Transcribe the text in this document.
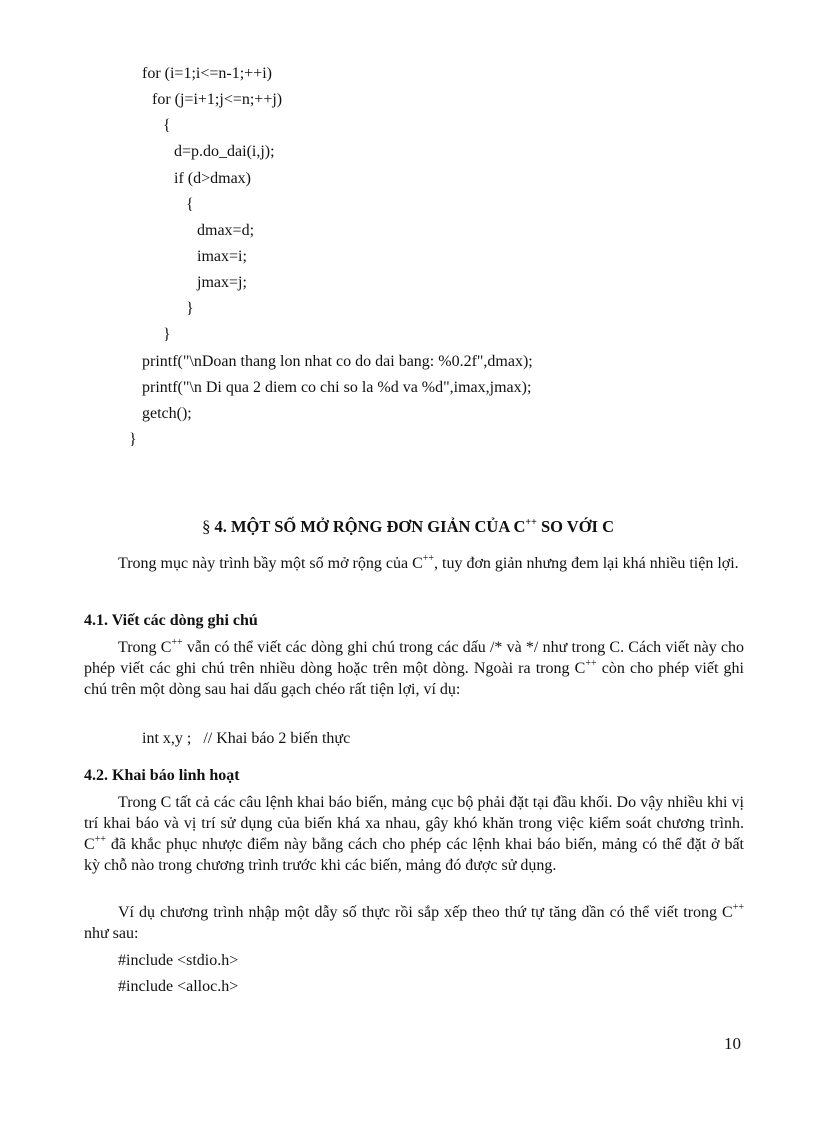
for (i=1;i<=n-1;++i)
for (j=i+1;j<=n;++j)
{
d=p.do_dai(i,j);
if (d>dmax)
{
dmax=d;
imax=i;
jmax=j;
}
}
printf("\nDoan thang lon nhat co do dai bang: %0.2f",dmax);
printf("\n Di qua 2 diem co chi so la %d va %d",imax,jmax);
getch();
}
§ 4. MỘT SỐ MỞ RỘNG ĐƠN GIẢN CỦA C++ SO VỚI C
Trong mục này trình bầy một số mở rộng của C++, tuy đơn giản nhưng đem lại khá nhiều tiện lợi.
4.1. Viết các dòng ghi chú
Trong C++ vẫn có thể viết các dòng ghi chú trong các dấu /* và */ như trong C. Cách viết này cho phép viết các ghi chú trên nhiều dòng hoặc trên một dòng. Ngoài ra trong C++ còn cho phép viết ghi chú trên một dòng sau hai dấu gạch chéo rất tiện lợi, ví dụ:
int x,y ;   // Khai báo 2 biến thực
4.2. Khai báo linh hoạt
Trong C tất cả các câu lệnh khai báo biến, mảng cục bộ phải đặt tại đầu khối. Do vậy nhiều khi vị trí khai báo và vị trí sử dụng của biến khá xa nhau, gây khó khăn trong việc kiểm soát chương trình. C++ đã khắc phục nhược điểm này bằng cách cho phép các lệnh khai báo biến, mảng có thể đặt ở bất kỳ chỗ nào trong chương trình trước khi các biến, mảng đó được sử dụng.
Ví dụ chương trình nhập một dẫy số thực rồi sắp xếp theo thứ tự tăng dần có thể viết trong C++ như sau:
#include <stdio.h>
#include <alloc.h>
10
